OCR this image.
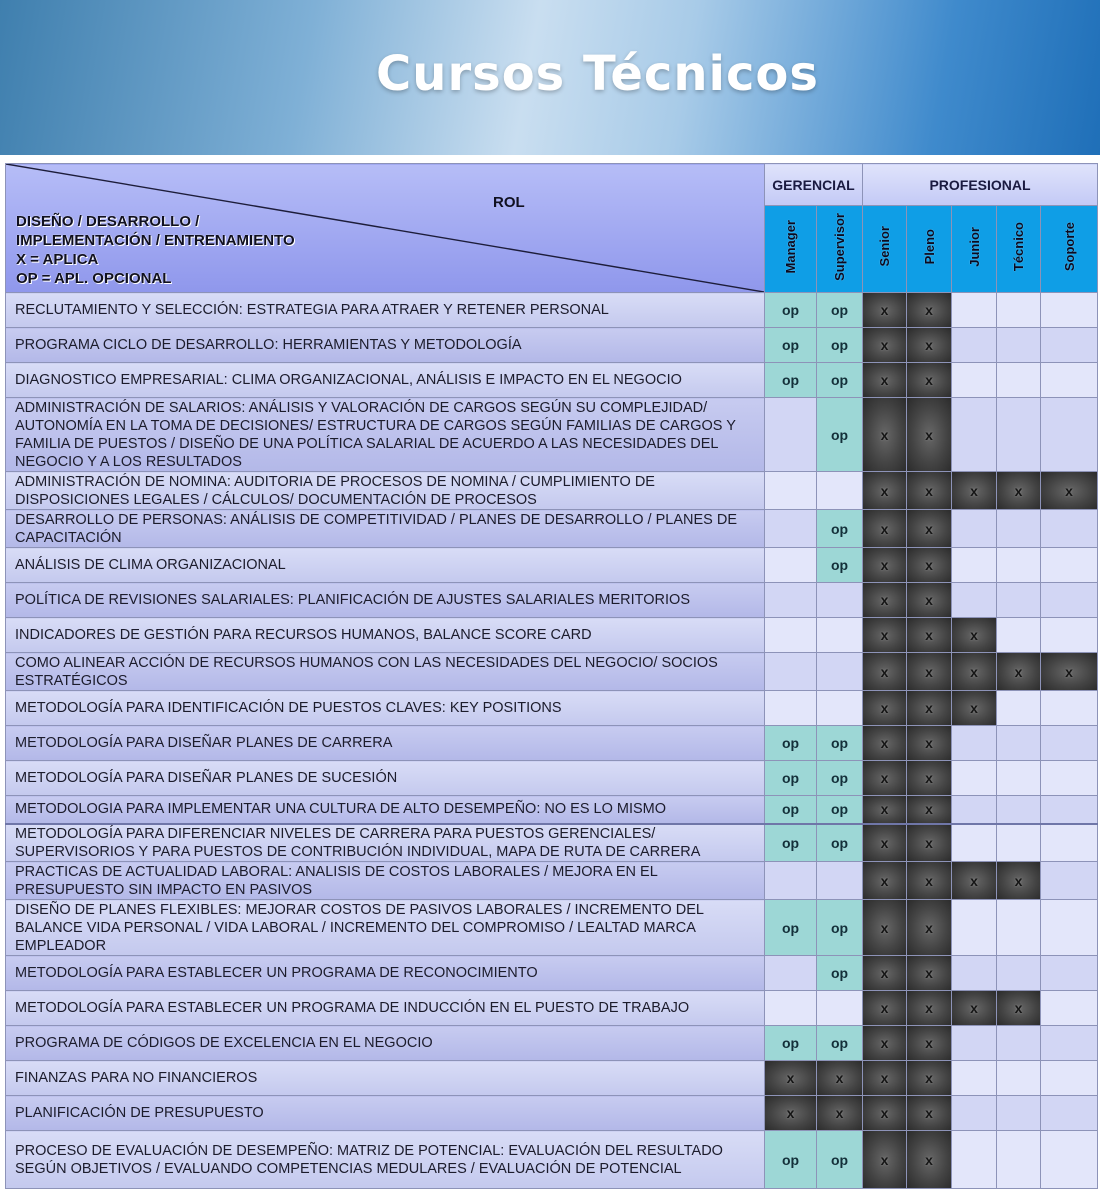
Cursos Técnicos
ROL
DISEÑO / DESARROLLO /
IMPLEMENTACIÓN / ENTRENAMIENTO
X = APLICA
OP = APL. OPCIONAL	GERENCIAL		PROFESIONAL				
	Manager	Supervisor	Senior	Pleno	Junior	Técnico	Soporte
RECLUTAMIENTO Y SELECCIÓN: ESTRATEGIA PARA ATRAER Y RETENER PERSONAL	op	op	x	x			
PROGRAMA CICLO DE DESARROLLO: HERRAMIENTAS Y METODOLOGÍA	op	op	x	x			
DIAGNOSTICO EMPRESARIAL: CLIMA ORGANIZACIONAL, ANÁLISIS E IMPACTO EN EL NEGOCIO	op	op	x	x			
ADMINISTRACIÓN DE SALARIOS: ANÁLISIS Y VALORACIÓN DE CARGOS SEGÚN SU COMPLEJIDAD/ AUTONOMÍA EN LA TOMA DE DECISIONES/ ESTRUCTURA DE CARGOS SEGÚN FAMILIAS DE CARGOS Y FAMILIA DE PUESTOS / DISEÑO DE UNA POLÍTICA SALARIAL DE ACUERDO A LAS NECESIDADES DEL NEGOCIO Y A LOS RESULTADOS		op	x	x			
ADMINISTRACIÓN DE NOMINA: AUDITORIA DE PROCESOS DE NOMINA / CUMPLIMIENTO DE DISPOSICIONES LEGALES / CÁLCULOS/ DOCUMENTACIÓN DE PROCESOS			x	x	x	x	x
DESARROLLO DE PERSONAS: ANÁLISIS DE COMPETITIVIDAD / PLANES DE DESARROLLO / PLANES DE CAPACITACIÓN		op	x	x			
ANÁLISIS DE CLIMA ORGANIZACIONAL		op	x	x			
POLÍTICA DE REVISIONES SALARIALES: PLANIFICACIÓN DE AJUSTES SALARIALES MERITORIOS			x	x			
INDICADORES DE GESTIÓN PARA RECURSOS HUMANOS, BALANCE SCORE CARD			x	x	x		
COMO ALINEAR ACCIÓN DE RECURSOS HUMANOS CON LAS NECESIDADES DEL NEGOCIO/ SOCIOS ESTRATÉGICOS			x	x	x	x	x
METODOLOGÍA PARA IDENTIFICACIÓN DE PUESTOS CLAVES: KEY POSITIONS			x	x	x		
METODOLOGÍA PARA DISEÑAR PLANES DE CARRERA	op	op	x	x			
METODOLOGÍA PARA DISEÑAR PLANES DE SUCESIÓN	op	op	x	x			
METODOLOGIA PARA IMPLEMENTAR UNA CULTURA DE ALTO DESEMPEÑO: NO ES LO MISMO	op	op	x	x			
METODOLOGÍA PARA DIFERENCIAR NIVELES DE CARRERA PARA PUESTOS GERENCIALES/ SUPERVISORIOS Y PARA PUESTOS DE CONTRIBUCIÓN INDIVIDUAL, MAPA DE RUTA DE CARRERA	op	op	x	x			
PRACTICAS DE ACTUALIDAD LABORAL: ANALISIS DE COSTOS LABORALES / MEJORA EN EL PRESUPUESTO SIN IMPACTO EN PASIVOS			x	x	x	x	
DISEÑO DE PLANES FLEXIBLES: MEJORAR COSTOS DE PASIVOS LABORALES / INCREMENTO DEL BALANCE VIDA PERSONAL / VIDA LABORAL / INCREMENTO DEL COMPROMISO / LEALTAD MARCA EMPLEADOR	op	op	x	x			
METODOLOGÍA PARA ESTABLECER UN PROGRAMA DE RECONOCIMIENTO		op	x	x			
METODOLOGÍA PARA ESTABLECER UN PROGRAMA DE INDUCCIÓN EN EL PUESTO DE TRABAJO			x	x	x	x	
PROGRAMA DE CÓDIGOS DE EXCELENCIA EN EL NEGOCIO	op	op	x	x			
FINANZAS PARA NO FINANCIEROS	x	x	x	x			
PLANIFICACIÓN DE PRESUPUESTO	x	x	x	x			
PROCESO DE EVALUACIÓN DE DESEMPEÑO: MATRIZ DE POTENCIAL: EVALUACIÓN DEL RESULTADO SEGÚN OBJETIVOS / EVALUANDO COMPETENCIAS MEDULARES / EVALUACIÓN DE POTENCIAL	op	op	x	x			
